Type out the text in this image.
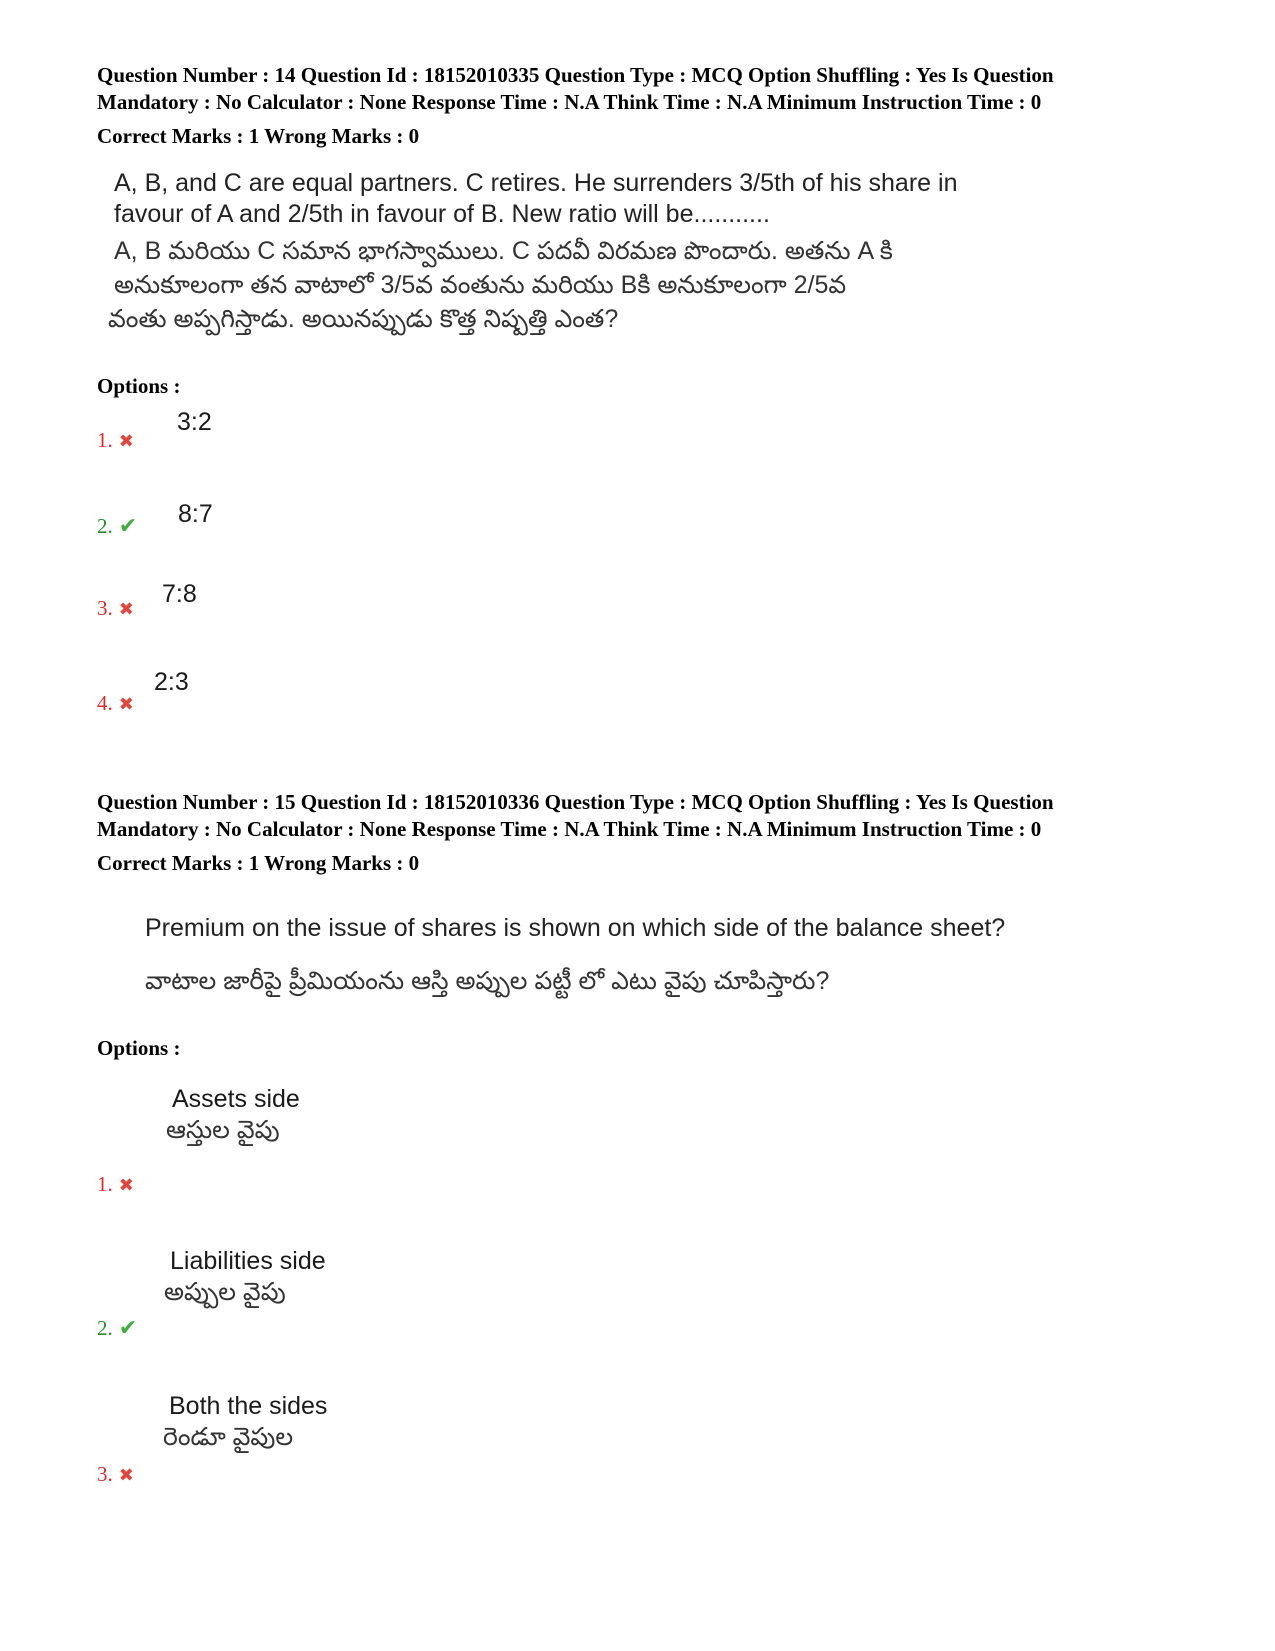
Question Number : 14 Question Id : 18152010335 Question Type : MCQ Option Shuffling : Yes Is Question
Mandatory : No Calculator : None Response Time : N.A Think Time : N.A Minimum Instruction Time : 0
Correct Marks : 1 Wrong Marks : 0
A, B, and C are equal partners. C retires. He surrenders 3/5th of his share in
favour of A and 2/5th in favour of B. New ratio will be...........
A, B మరియు C సమాన భాగస్వాములు. C పదవీ విరమణ పొందారు. అతను A కి
అనుకూలంగా తన వాటాలో 3/5వ వంతును మరియు Bకి అనుకూలంగా 2/5వ
వంతు అప్పగిస్తాడు. అయినప్పుడు కొత్త నిష్పత్తి ఎంత?
Options :
1. ✖
3:2
2. ✔ 8:7
3. ✖
7:8
4. ✖
2:3
Question Number : 15 Question Id : 18152010336 Question Type : MCQ Option Shuffling : Yes Is Question
Mandatory : No Calculator : None Response Time : N.A Think Time : N.A Minimum Instruction Time : 0
Correct Marks : 1 Wrong Marks : 0
Premium on the issue of shares is shown on which side of the balance sheet?
వాటాల జారీపై ప్రీమియంను ఆస్తి అప్పుల పట్టీ లో ఎటు వైపు చూపిస్తారు?
Options :
Assets side
ఆస్తుల వైపు
1. ✖
Liabilities side
అప్పుల వైపు
2. ✔
Both the sides
రెండూ వైపుల
3. ✖
